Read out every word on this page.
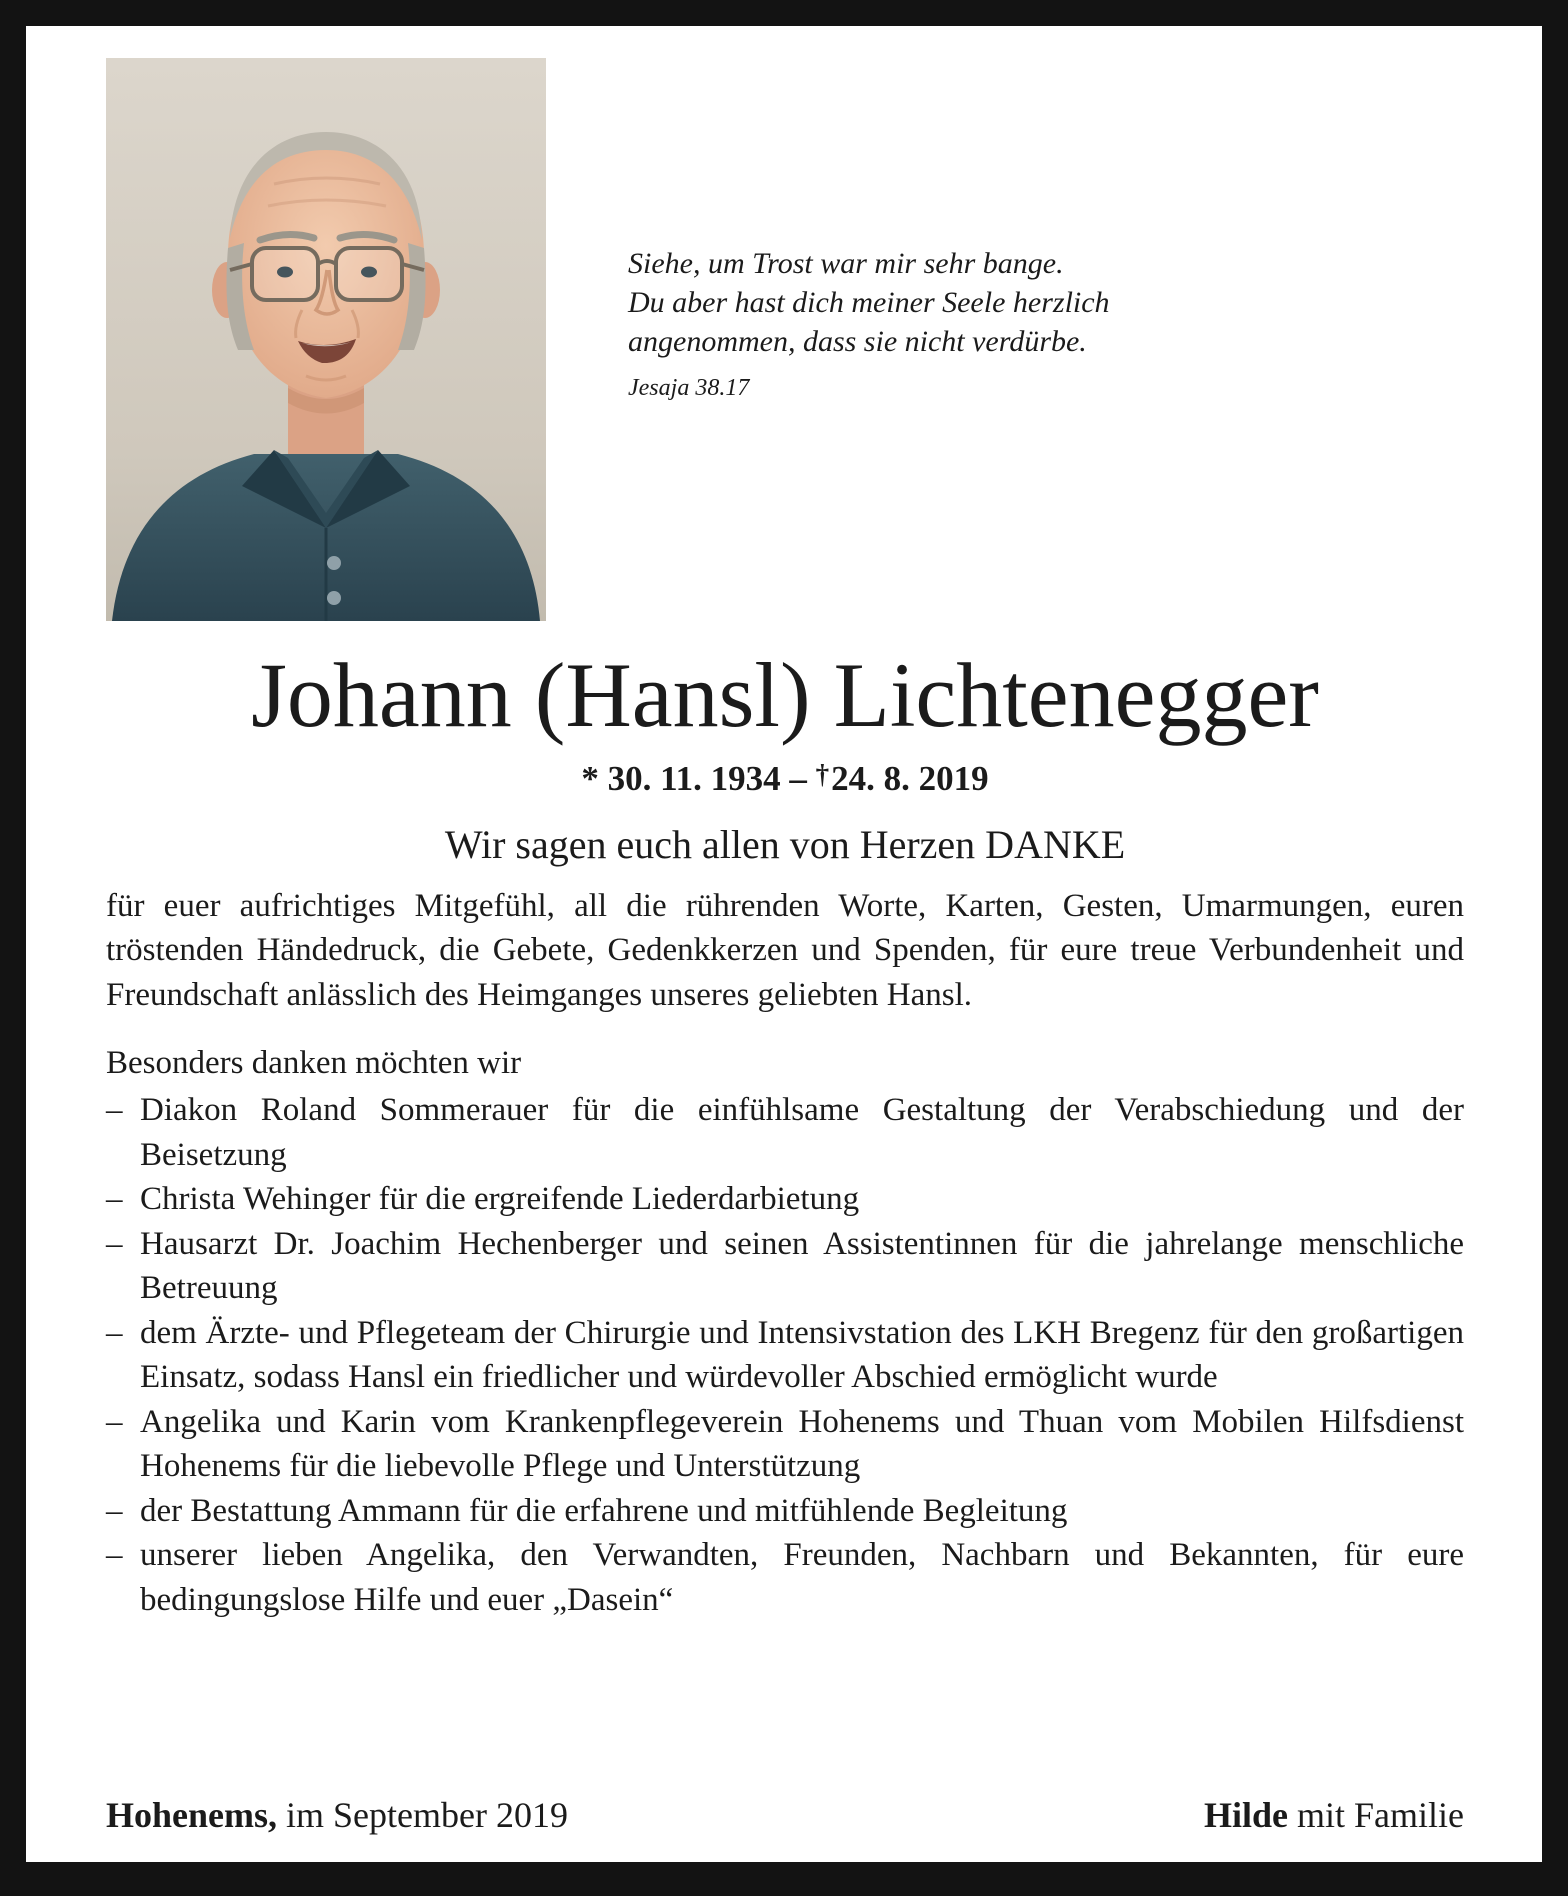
Siehe, um Trost war mir sehr bange.
Du aber hast dich meiner Seele herzlich
angenommen, dass sie nicht verdürbe.
Jesaja 38.17
Johann (Hansl) Lichtenegger
* 30. 11. 1934 – †24. 8. 2019
Wir sagen euch allen von Herzen DANKE

für euer aufrichtiges Mitgefühl, all die rührenden Worte, Karten, Gesten, Umarmungen, euren tröstenden Händedruck, die Gebete, Gedenkkerzen und Spenden, für eure treue Verbundenheit und Freundschaft anlässlich des Heimganges unseres geliebten Hansl.

Besonders danken möchten wir

– Diakon Roland Sommerauer für die einfühlsame Gestaltung der Verabschiedung und der Beisetzung
– Christa Wehinger für die ergreifende Liederdarbietung
– Hausarzt Dr. Joachim Hechenberger und seinen Assistentinnen für die jahrelange menschliche Betreuung
– dem Ärzte- und Pflegeteam der Chirurgie und Intensivstation des LKH Bregenz für den großartigen Einsatz, sodass Hansl ein friedlicher und würdevoller Abschied ermöglicht wurde
– Angelika und Karin vom Krankenpflegeverein Hohenems und Thuan vom Mobilen Hilfsdienst Hohenems für die liebevolle Pflege und Unterstützung
– der Bestattung Ammann für die erfahrene und mitfühlende Begleitung
– unserer lieben Angelika, den Verwandten, Freunden, Nachbarn und Bekannten, für eure bedingungslose Hilfe und euer „Dasein“
Hohenems, im September 2019	Hilde mit Familie
